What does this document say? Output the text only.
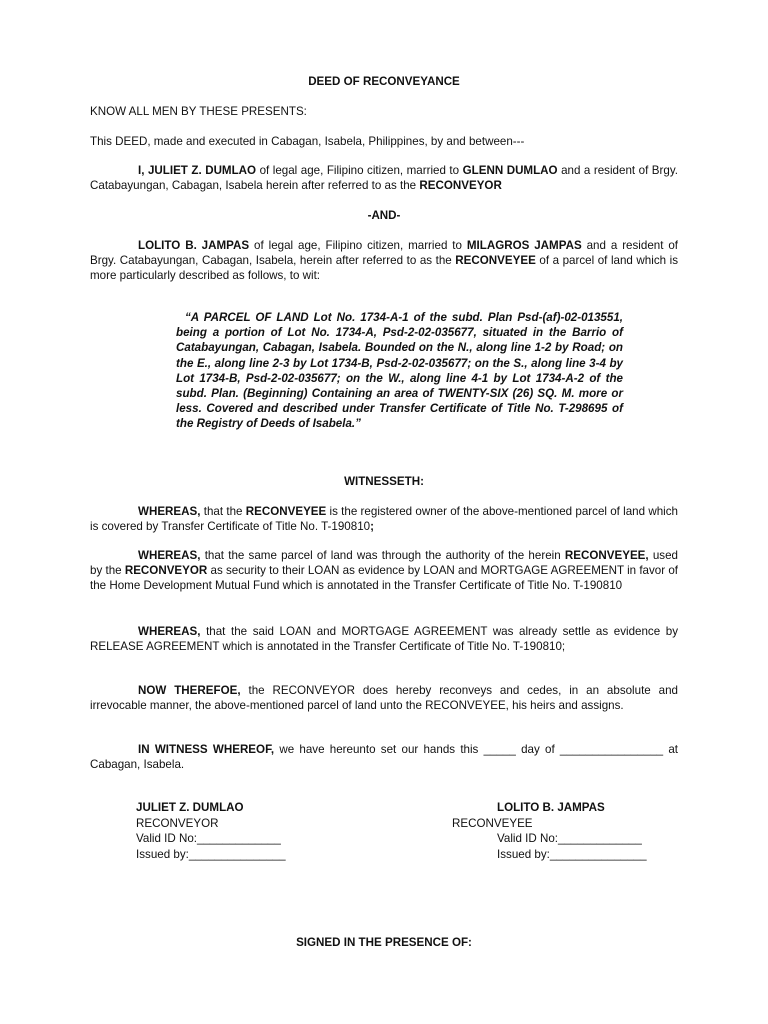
DEED OF RECONVEYANCE
KNOW ALL MEN BY THESE PRESENTS:
This DEED, made and executed in Cabagan, Isabela, Philippines, by and between---
I, JULIET Z. DUMLAO of legal age, Filipino citizen, married to GLENN DUMLAO and a resident of Brgy. Catabayungan, Cabagan, Isabela herein after referred to as the RECONVEYOR
-AND-
LOLITO B. JAMPAS of legal age, Filipino citizen, married to MILAGROS JAMPAS and a resident of Brgy. Catabayungan, Cabagan, Isabela, herein after referred to as the RECONVEYEE of a parcel of land which is more particularly described as follows, to wit:
“A PARCEL OF LAND Lot No. 1734-A-1 of the subd. Plan Psd-(af)-02-013551, being a portion of Lot No. 1734-A, Psd-2-02-035677, situated in the Barrio of Catabayungan, Cabagan, Isabela. Bounded on the N., along line 1-2 by Road; on the E., along line 2-3 by Lot 1734-B, Psd-2-02-035677; on the S., along line 3-4 by Lot 1734-B, Psd-2-02-035677; on the W., along line 4-1 by Lot 1734-A-2 of the subd. Plan. (Beginning) Containing an area of TWENTY-SIX (26) SQ. M. more or less. Covered and described under Transfer Certificate of Title No. T-298695 of the Registry of Deeds of Isabela.”
WITNESSETH:
WHEREAS, that the RECONVEYEE is the registered owner of the above-mentioned parcel of land which is covered by Transfer Certificate of Title No. T-190810;
WHEREAS, that the same parcel of land was through the authority of the herein RECONVEYEE, used by the RECONVEYOR as security to their LOAN as evidence by LOAN and MORTGAGE AGREEMENT in favor of the Home Development Mutual Fund which is annotated in the Transfer Certificate of Title No. T-190810
WHEREAS, that the said LOAN and MORTGAGE AGREEMENT was already settle as evidence by RELEASE AGREEMENT which is annotated in the Transfer Certificate of Title No. T-190810;
NOW THEREFOE, the RECONVEYOR does hereby reconveys and cedes, in an absolute and irrevocable manner, the above-mentioned parcel of land unto the RECONVEYEE, his heirs and assigns.
IN WITNESS WHEREOF, we have hereunto set our hands this _____ day of ________________ at Cabagan, Isabela.
JULIET Z. DUMLAO
RECONVEYOR
Valid ID No:_____________
Issued by:_______________
LOLITO B. JAMPAS
RECONVEYEE
Valid ID No:_____________
Issued by:_______________
SIGNED IN THE PRESENCE OF:
